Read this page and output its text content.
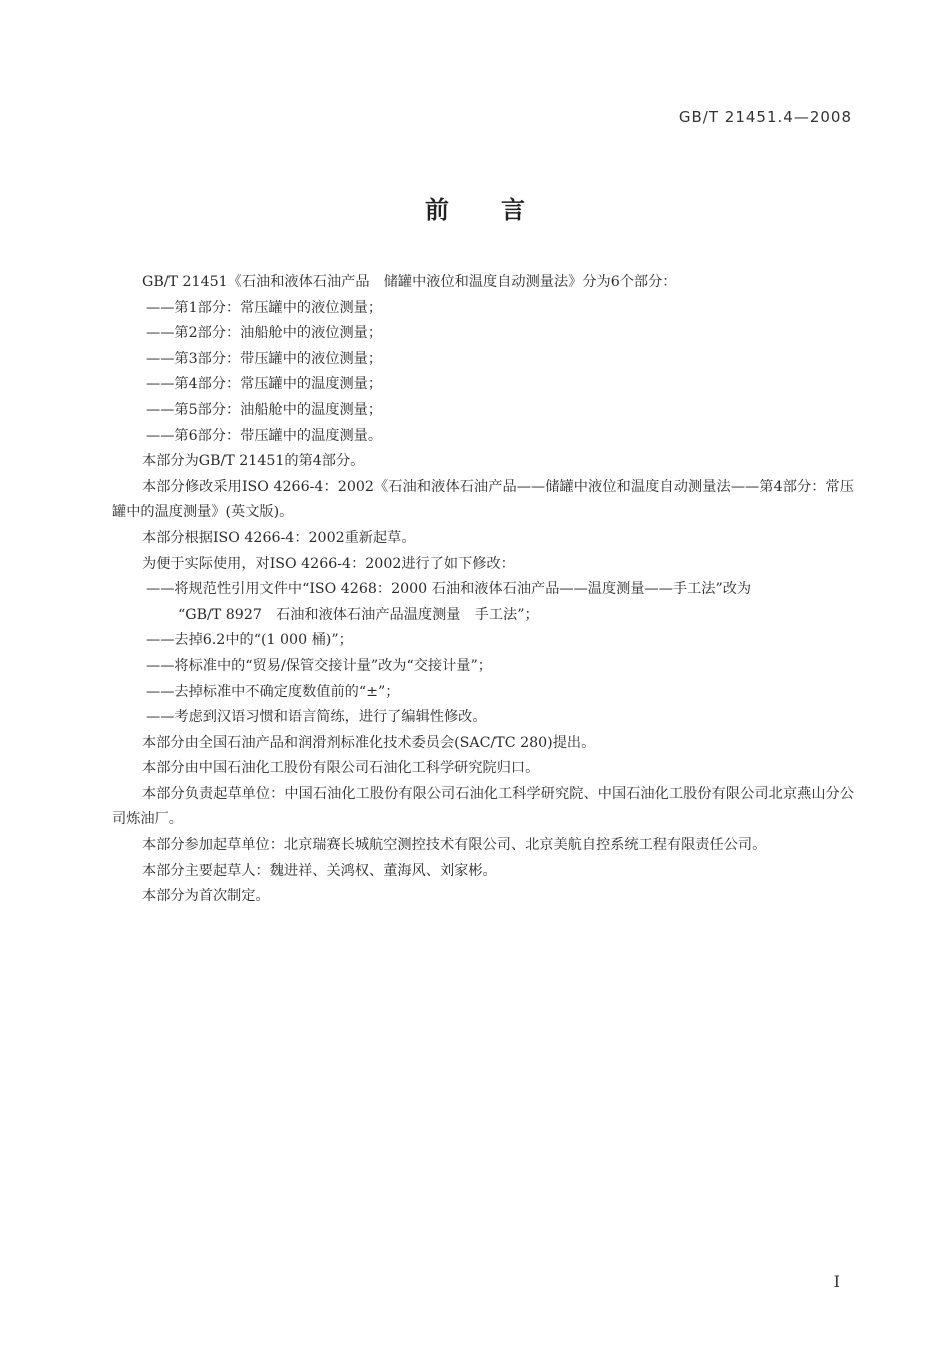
GB/T 21451.4—2008
前言

GB/T 21451《石油和液体石油产品　储罐中液位和温度自动测量法》分为6个部分：

——第1部分：常压罐中的液位测量；

——第2部分：油船舱中的液位测量；

——第3部分：带压罐中的液位测量；

——第4部分：常压罐中的温度测量；

——第5部分：油船舱中的温度测量；

——第6部分：带压罐中的温度测量。

本部分为GB/T 21451的第4部分。

本部分修改采用ISO 4266-4：2002《石油和液体石油产品——储罐中液位和温度自动测量法——第4部分：常压罐中的温度测量》(英文版)。

本部分根据ISO 4266-4：2002重新起草。

为便于实际使用，对ISO 4266-4：2002进行了如下修改：

——将规范性引用文件中“ISO 4268：2000 石油和液体石油产品——温度测量——手工法”改为

“GB/T 8927　石油和液体石油产品温度测量　手工法”；

——去掉6.2中的“(1 000 桶)”；

——将标准中的“贸易/保管交接计量”改为“交接计量”；

——去掉标准中不确定度数值前的“±”；

——考虑到汉语习惯和语言简练，进行了编辑性修改。

本部分由全国石油产品和润滑剂标准化技术委员会(SAC/TC 280)提出。

本部分由中国石油化工股份有限公司石油化工科学研究院归口。

本部分负责起草单位：中国石油化工股份有限公司石油化工科学研究院、中国石油化工股份有限公司北京燕山分公司炼油厂。

本部分参加起草单位：北京瑞赛长城航空测控技术有限公司、北京美航自控系统工程有限责任公司。

本部分主要起草人：魏进祥、关鸿权、董海风、刘家彬。

本部分为首次制定。

I
